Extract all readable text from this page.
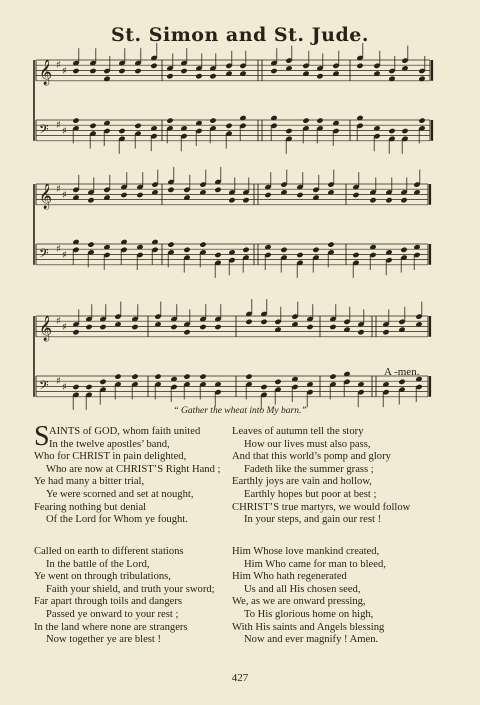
St. Simon and St. Jude.
𝄞 ♯
♯
𝄢 ♯
♯
𝄞 ♯
♯
𝄢 ♯
♯
𝄞 ♯
♯
𝄢 ♯
♯
A -men.
“ Gather the wheat into My barn.”
S AINTS of GOD, whom faith united
In the twelve apostles’ band,
Who for CHRIST in pain delighted,
Who are now at CHRIST’S Right Hand ;
Ye had many a bitter trial,
Ye were scorned and set at nought,
Fearing nothing but denial
Of the Lord for Whom ye fought.
Leaves of autumn tell the story
How our lives must also pass,
And that this world’s pomp and glory
Fadeth like the summer grass ;
Earthly joys are vain and hollow,
Earthly hopes but poor at best ;
CHRIST’S true martyrs, we would follow
In your steps, and gain our rest !
Called on earth to different stations
In the battle of the Lord,
Ye went on through tribulations,
Faith your shield, and truth your sword;
Far apart through toils and dangers
Passed ye onward to your rest ;
In the land where none are strangers
Now together ye are blest !
Him Whose love mankind created,
Him Who came for man to bleed,
Him Who hath regenerated
Us and all His chosen seed,
We, as we are onward pressing,
To His glorious home on high,
With His saints and Angels blessing
Now and ever magnify ! Amen.
427
